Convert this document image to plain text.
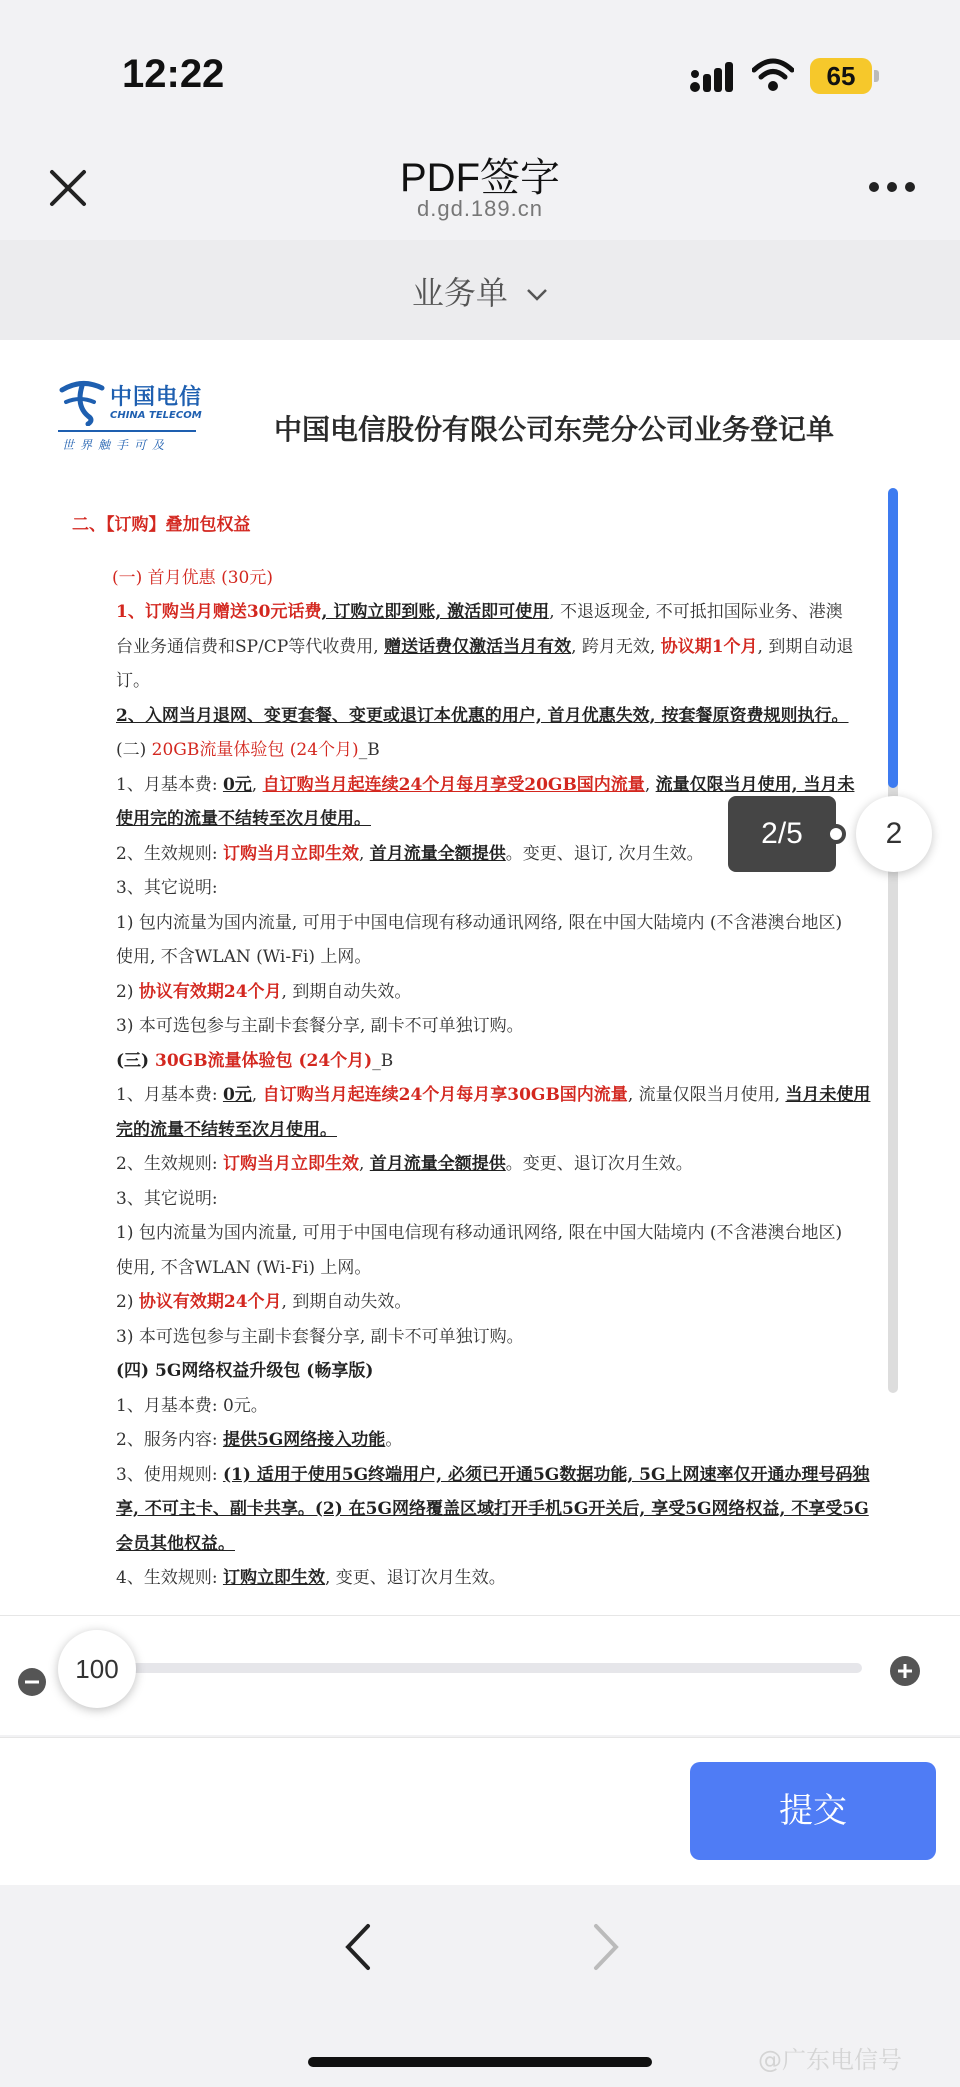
12:22	65
PDF签字
d.gd.189.cn
业务单
中国电信
CHINA TELECOM
世界触手可及	中国电信股份有限公司东莞分公司业务登记单

二、【订购】叠加包权益

(一) 首月优惠 (30元)

1、订购当月赠送30元话费, 订购立即到账, 激活即可使用, 不退返现金, 不可抵扣国际业务、港澳

台业务通信费和SP/CP等代收费用, 赠送话费仅激活当月有效, 跨月无效, 协议期1个月, 到期自动退

订。

2、入网当月退网、变更套餐、变更或退订本优惠的用户, 首月优惠失效, 按套餐原资费规则执行。

(二) 20GB流量体验包 (24个月)_B

1、月基本费: 0元, 自订购当月起连续24个月每月享受20GB国内流量, 流量仅限当月使用, 当月未

使用完的流量不结转至次月使用。

2、生效规则: 订购当月立即生效, 首月流量全额提供。变更、退订, 次月生效。

3、其它说明:

1) 包内流量为国内流量, 可用于中国电信现有移动通讯网络, 限在中国大陆境内 (不含港澳台地区)

使用, 不含WLAN (Wi-Fi) 上网。

2) 协议有效期24个月, 到期自动失效。

3) 本可选包参与主副卡套餐分享, 副卡不可单独订购。

(三) 30GB流量体验包 (24个月)_B

1、月基本费: 0元, 自订购当月起连续24个月每月享30GB国内流量, 流量仅限当月使用, 当月未使用

完的流量不结转至次月使用。

2、生效规则: 订购当月立即生效, 首月流量全额提供。变更、退订次月生效。

3、其它说明:

1) 包内流量为国内流量, 可用于中国电信现有移动通讯网络, 限在中国大陆境内 (不含港澳台地区)

使用, 不含WLAN (Wi-Fi) 上网。

2) 协议有效期24个月, 到期自动失效。

3) 本可选包参与主副卡套餐分享, 副卡不可单独订购。

(四) 5G网络权益升级包 (畅享版)

1、月基本费: 0元。

2、服务内容: 提供5G网络接入功能。

3、使用规则: (1) 适用于使用5G终端用户, 必须已开通5G数据功能, 5G上网速率仅开通办理号码独

享, 不可主卡、副卡共享。(2) 在5G网络覆盖区域打开手机5G开关后, 享受5G网络权益, 不享受5G

会员其他权益。

4、生效规则: 订购立即生效, 变更、退订次月生效。

2/5	2
100
提交
@广东电信号
